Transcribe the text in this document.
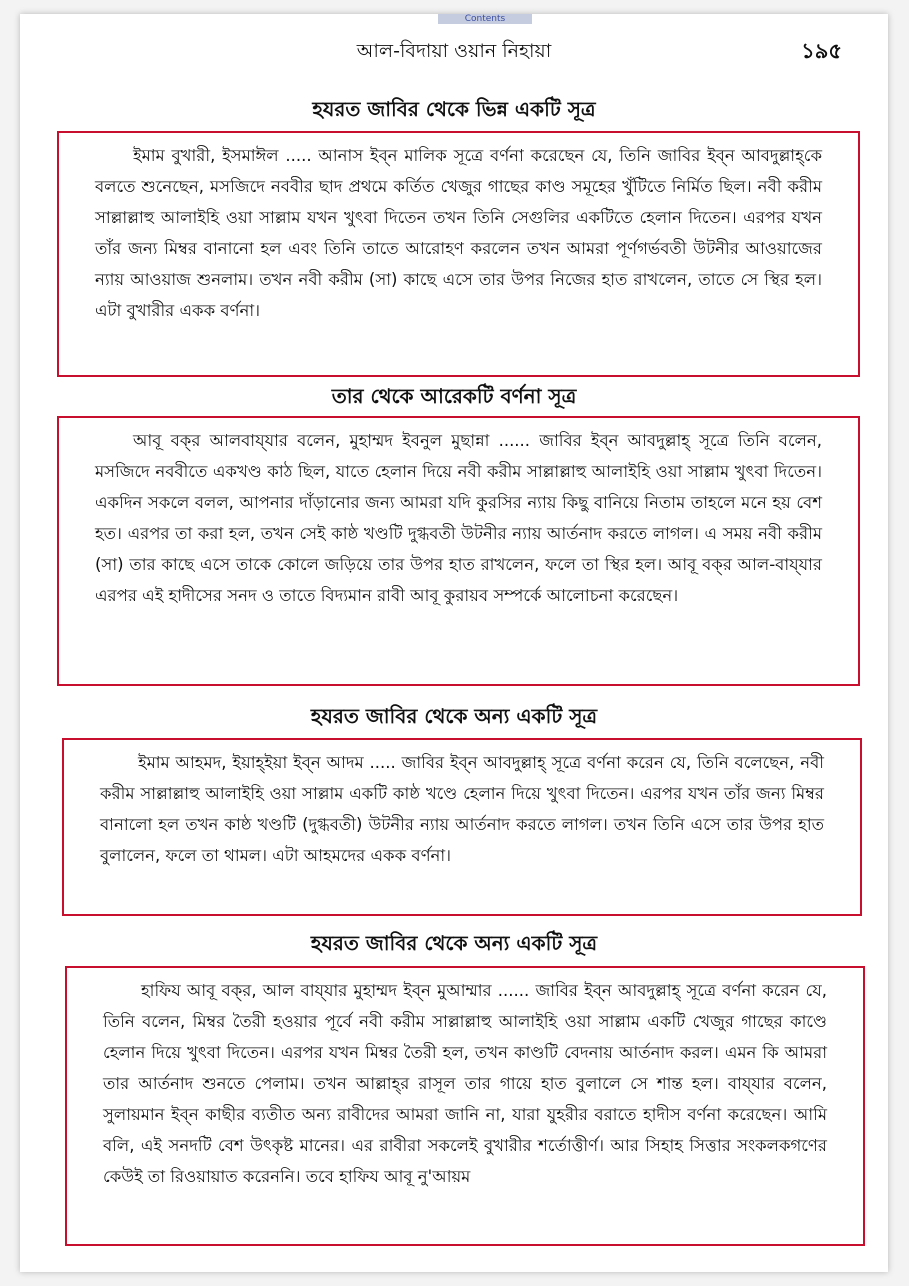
Contents
আল-বিদায়া ওয়ান নিহায়া	১৯৫
হযরত জাবির থেকে ভিন্ন একটি সূত্র

ইমাম বুখারী, ইসমাঈল ..... আনাস ইব্‌ন মালিক সূত্রে বর্ণনা করেছেন যে, তিনি জাবির ইব্‌ন আবদুল্লাহ্‌কে বলতে শুনেছেন, মসজিদে নববীর ছাদ প্রথমে কর্তিত খেজুর গাছের কাণ্ড সমূহের খুঁটিতে নির্মিত ছিল। নবী করীম সাল্লাল্লাহু আলাইহি ওয়া সাল্লাম যখন খুৎবা দিতেন তখন তিনি সেগুলির একটিতে হেলান দিতেন। এরপর যখন তাঁর জন্য মিম্বর বানানো হল এবং তিনি তাতে আরোহণ করলেন তখন আমরা পূর্ণগর্ভবতী উটনীর আওয়াজের ন্যায় আওয়াজ শুনলাম। তখন নবী করীম (সা) কাছে এসে তার উপর নিজের হাত রাখলেন, তাতে সে স্থির হল। এটা বুখারীর একক বর্ণনা।

তার থেকে আরেকটি বর্ণনা সূত্র

আবূ বক্‌র আলবায্‌যার বলেন, মুহাম্মদ ইবনুল মুছান্না ...... জাবির ইব্‌ন আবদুল্লাহ্‌ সূত্রে তিনি বলেন, মসজিদে নববীতে একখণ্ড কাঠ ছিল, যাতে হেলান দিয়ে নবী করীম সাল্লাল্লাহু আলাইহি ওয়া সাল্লাম খুৎবা দিতেন। একদিন সকলে বলল, আপনার দাঁড়ানোর জন্য আমরা যদি কুরসির ন্যায় কিছু বানিয়ে নিতাম তাহলে মনে হয় বেশ হত। এরপর তা করা হল, তখন সেই কাষ্ঠ খণ্ডটি দুগ্ধবতী উটনীর ন্যায় আর্তনাদ করতে লাগল। এ সময় নবী করীম (সা) তার কাছে এসে তাকে কোলে জড়িয়ে তার উপর হাত রাখলেন, ফলে তা স্থির হল। আবূ বক্‌র আল-বায্‌যার এরপর এই হাদীসের সনদ ও তাতে বিদ্যমান রাবী আবূ কুরায়ব সম্পর্কে আলোচনা করেছেন।

হযরত জাবির থেকে অন্য একটি সূত্র

ইমাম আহমদ, ইয়াহ্‌ইয়া ইব্‌ন আদম ..... জাবির ইব্‌ন আবদুল্লাহ্‌ সূত্রে বর্ণনা করেন যে, তিনি বলেছেন, নবী করীম সাল্লাল্লাহু আলাইহি ওয়া সাল্লাম একটি কাষ্ঠ খণ্ডে হেলান দিয়ে খুৎবা দিতেন। এরপর যখন তাঁর জন্য মিম্বর বানালো হল তখন কাষ্ঠ খণ্ডটি (দুগ্ধবতী) উটনীর ন্যায় আর্তনাদ করতে লাগল। তখন তিনি এসে তার উপর হাত বুলালেন, ফলে তা থামল। এটা আহমদের একক বর্ণনা।

হযরত জাবির থেকে অন্য একটি সূত্র

হাফিয আবূ বক্‌র, আল বায্‌যার মুহাম্মদ ইব্‌ন মুআম্মার ...... জাবির ইব্‌ন আবদুল্লাহ্‌ সূত্রে বর্ণনা করেন যে, তিনি বলেন, মিম্বর তৈরী হওয়ার পূর্বে নবী করীম সাল্লাল্লাহু আলাইহি ওয়া সাল্লাম একটি খেজুর গাছের কাণ্ডে হেলান দিয়ে খুৎবা দিতেন। এরপর যখন মিম্বর তৈরী হল, তখন কাণ্ডটি বেদনায় আর্তনাদ করল। এমন কি আমরা তার আর্তনাদ শুনতে পেলাম। তখন আল্লাহ্‌র রাসূল তার গায়ে হাত বুলালে সে শান্ত হল। বায্‌যার বলেন, সুলায়মান ইব্‌ন কাছীর ব্যতীত অন্য রাবীদের আমরা জানি না, যারা যুহরীর বরাতে হাদীস বর্ণনা করেছেন। আমি বলি, এই সনদটি বেশ উৎকৃষ্ট মানের। এর রাবীরা সকলেই বুখারীর শর্তোত্তীর্ণ। আর সিহাহ সিত্তার সংকলকগণের কেউই তা রিওয়ায়াত করেননি। তবে হাফিয আবূ নু'আয়ম
